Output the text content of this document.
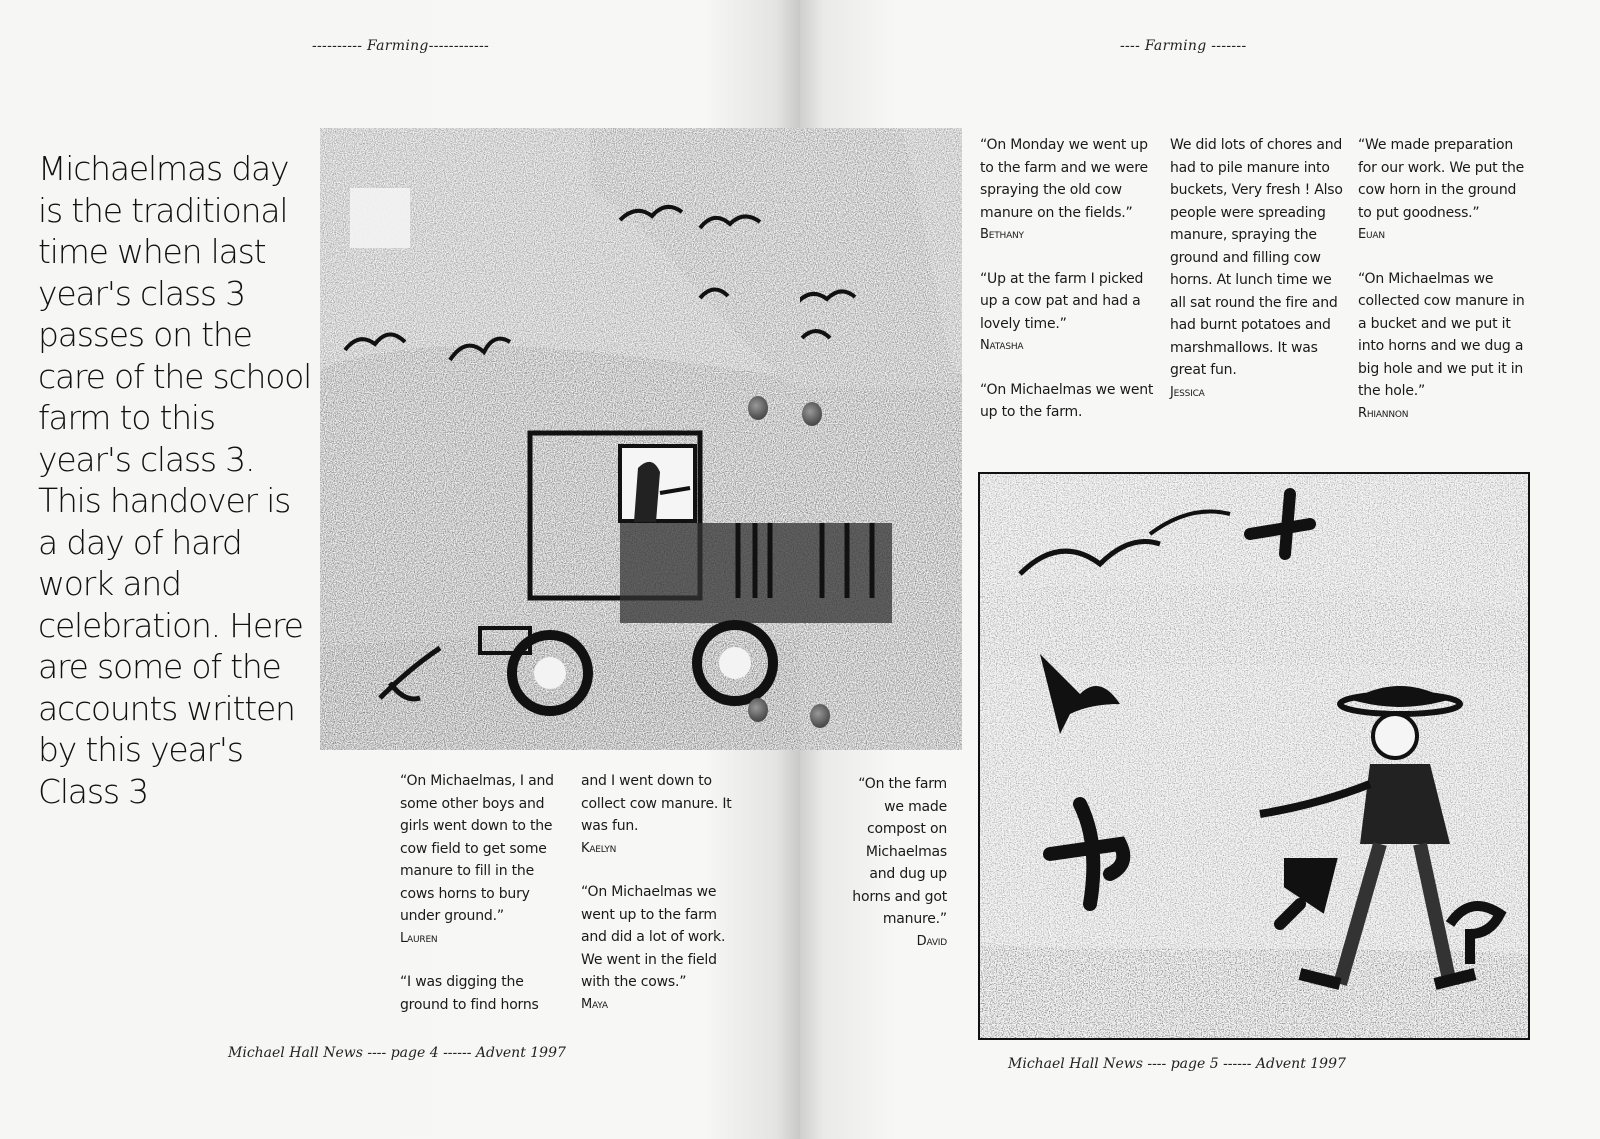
---------- Farming------------
Michaelmas day is the traditional time when last year's class 3 passes on the care of the school farm to this year's class 3. This handover is a day of hard work and celebration. Here are some of the accounts written by this year's Class 3	“On Michaelmas, I and some other boys and girls went down to the cow field to get some manure to fill in the cows horns to bury under ground.”
Lauren

“I was digging the ground to find horns

and I went down to collect cow manure. It was fun.
Kaelyn

“On Michaelmas we went up to the farm and did a lot of work. We went in the field with the cows.”
Maya

Michael Hall News ---- page 4 ------ Advent 1997
---- Farming -------

“On the farm we made compost on Michaelmas and dug up horns and got manure.”
David

“On Monday we went up to the farm and we were spraying the old cow manure on the fields.”
Bethany

“Up at the farm I picked up a cow pat and had a lovely time.”
Natasha

“On Michaelmas we went up to the farm.

We did lots of chores and had to pile manure into buckets, Very fresh ! Also people were spreading manure, spraying the ground and filling cow horns. At lunch time we all sat round the fire and had burnt potatoes and marshmallows. It was great fun.
Jessica

“We made preparation for our work. We put the cow horn in the ground to put goodness.”
Euan

“On Michaelmas we collected cow manure in a bucket and we put it into horns and we dug a big hole and we put it in the hole.”
Rhiannon

Michael Hall News ---- page 5 ------ Advent 1997
